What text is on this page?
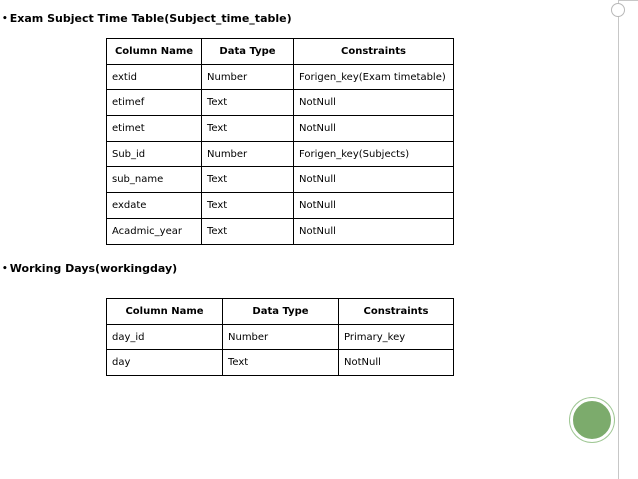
• Exam Subject Time Table(Subject_time_table)
Column Name	Data Type	Constraints
extid	Number	Forigen_key(Exam timetable)
etimef	Text	NotNull
etimet	Text	NotNull
Sub_id	Number	Forigen_key(Subjects)
sub_name	Text	NotNull
exdate	Text	NotNull
Acadmic_year	Text	NotNull
• Working Days(workingday)
Column Name	Data Type	Constraints
day_id	Number	Primary_key
day	Text	NotNull
